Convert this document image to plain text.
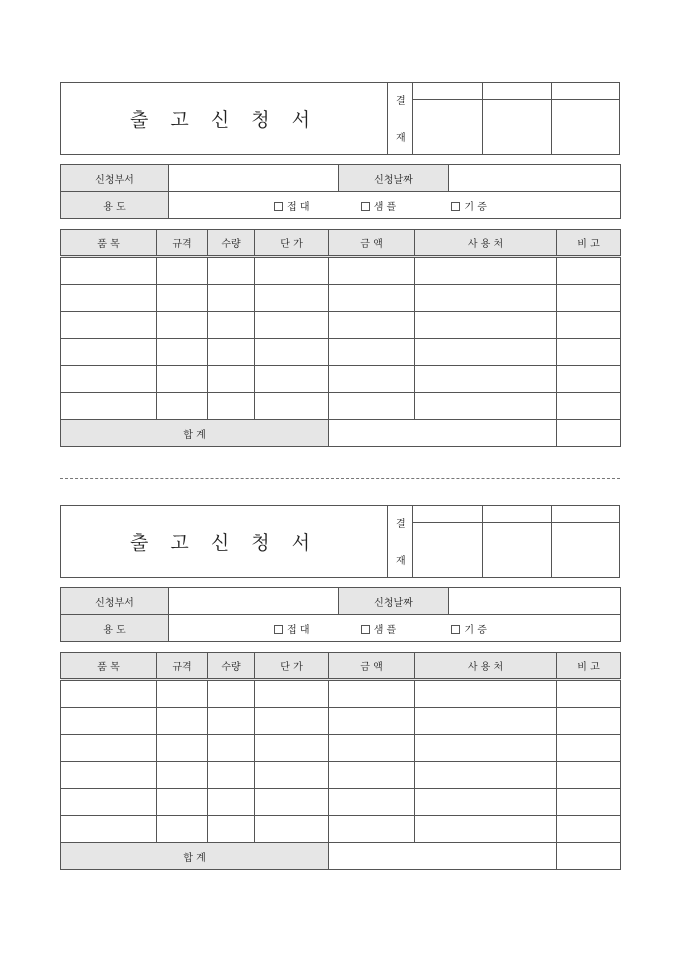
출 고 신 청 서
결
재
신청부서		신청날짜	
용 도	접 대 샘 플 기 증		
품 목	규격	수량	단 가	금 액	사 용 처	비 고

합 계						
출 고 신 청 서
결
재
신청부서		신청날짜	
용 도	접 대 샘 플 기 증		
품 목	규격	수량	단 가	금 액	사 용 처	비 고

합 계						
